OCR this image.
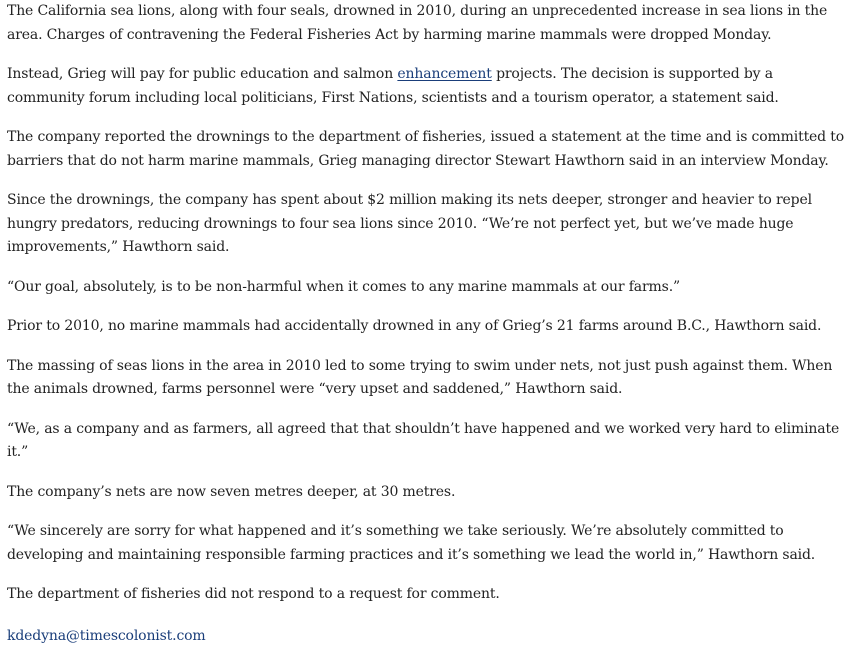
The California sea lions, along with four seals, drowned in 2010, during an unprecedented increase in sea lions in the area. Charges of contravening the Federal Fisheries Act by harming marine mammals were dropped Monday.

Instead, Grieg will pay for public education and salmon enhancement projects. The decision is supported by a community forum including local politicians, First Nations, scientists and a tourism operator, a statement said.

The company reported the drownings to the department of fisheries, issued a statement at the time and is committed to barriers that do not harm marine mammals, Grieg managing director Stewart Hawthorn said in an interview Monday.

Since the drownings, the company has spent about $2 million making its nets deeper, stronger and heavier to repel hungry predators, reducing drownings to four sea lions since 2010. “We’re not perfect yet, but we’ve made huge improvements,” Hawthorn said.

“Our goal, absolutely, is to be non-harmful when it comes to any marine mammals at our farms.”

Prior to 2010, no marine mammals had accidentally drowned in any of Grieg’s 21 farms around B.C., Hawthorn said.

The massing of seas lions in the area in 2010 led to some trying to swim under nets, not just push against them. When the animals drowned, farms personnel were “very upset and saddened,” Hawthorn said.

“We, as a company and as farmers, all agreed that that shouldn’t have happened and we worked very hard to eliminate it.”

The company’s nets are now seven metres deeper, at 30 metres.

“We sincerely are sorry for what happened and it’s something we take seriously. We’re absolutely committed to developing and maintaining responsible farming practices and it’s something we lead the world in,” Hawthorn said.

The department of fisheries did not respond to a request for comment.

kdedyna@timescolonist.com
